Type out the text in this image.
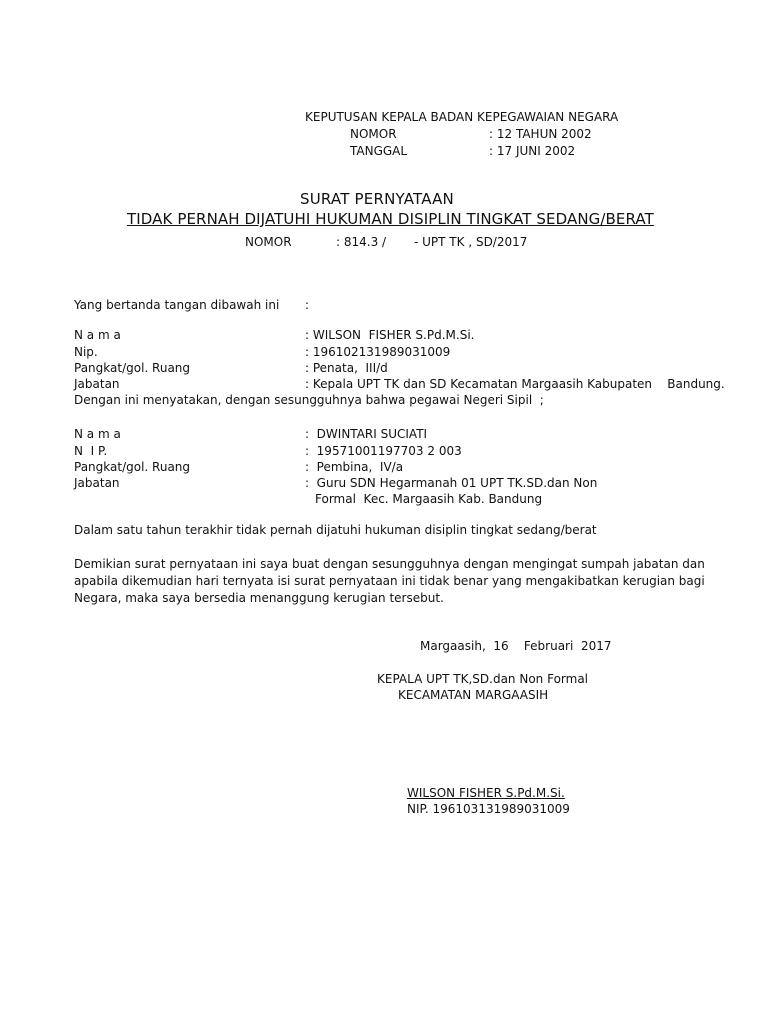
KEPUTUSAN KEPALA BADAN KEPEGAWAIAN NEGARA
NOMOR	: 12 TAHUN 2002
TANGGAL	: 17 JUNI 2002
SURAT PERNYATAAN
TIDAK PERNAH DIJATUHI HUKUMAN DISIPLIN TINGKAT SEDANG/BERAT
NOMOR	: 814.3 / - UPT TK , SD/2017
Yang bertanda tangan dibawah ini :
N a m a	: WILSON  FISHER S.Pd.M.Si.
Nip.	: 196102131989031009
Pangkat/gol. Ruang	: Penata,  III/d
Jabatan	: Kepala UPT TK dan SD Kecamatan Margaasih Kabupaten    Bandung.
Dengan ini menyatakan, dengan sesungguhnya bahwa pegawai Negeri Sipil  ;
N a m a	:  DWINTARI SUCIATI
N  I P.	:  19571001197703 2 003
Pangkat/gol. Ruang	:  Pembina,  IV/a
Jabatan	:  Guru SDN Hegarmanah 01 UPT TK.SD.dan Non
Formal  Kec. Margaasih Kab. Bandung
Dalam satu tahun terakhir tidak pernah dijatuhi hukuman disiplin tingkat sedang/berat
Demikian surat pernyataan ini saya buat dengan sesungguhnya dengan mengingat sumpah jabatan dan
apabila dikemudian hari ternyata isi surat pernyataan ini tidak benar yang mengakibatkan kerugian bagi
Negara, maka saya bersedia menanggung kerugian tersebut.
Margaasih,  16    Februari  2017
KEPALA UPT TK,SD.dan Non Formal
KECAMATAN MARGAASIH
WILSON FISHER S.Pd.M.Si.
NIP. 196103131989031009
